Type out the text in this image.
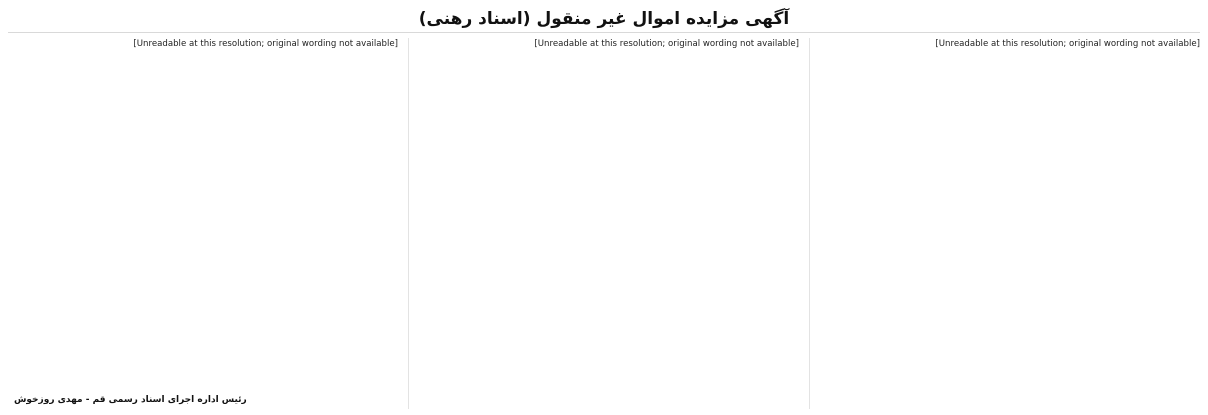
آگهی مزایده اموال غیر منقول (اسناد رهنی)

[Unreadable at this resolution; original wording not available]

[Unreadable at this resolution; original wording not available]

[Unreadable at this resolution; original wording not available]

رئیس اداره اجرای اسناد رسمی قم - مهدی روزخوش
